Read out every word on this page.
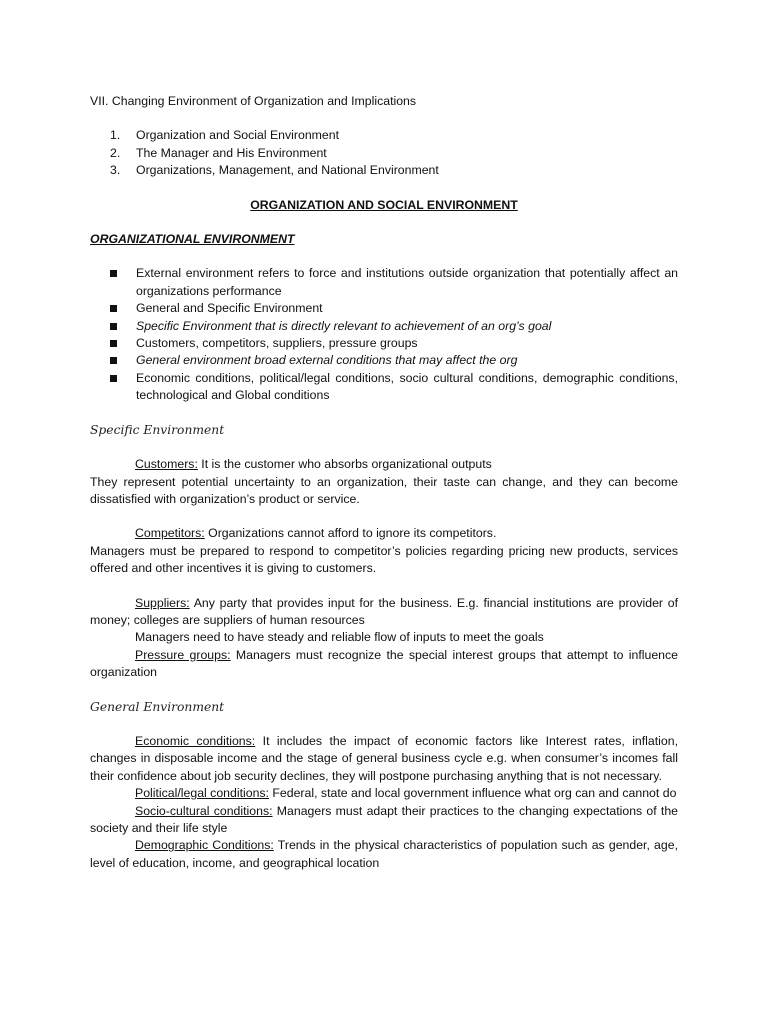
VII. Changing Environment of Organization and Implications
1.	Organization and Social Environment
2.	The Manager and His Environment
3.	Organizations, Management, and National Environment
ORGANIZATION AND SOCIAL ENVIRONMENT
ORGANIZATIONAL ENVIRONMENT
External environment refers to force and institutions outside organization that potentially affect an organizations performance
General and Specific Environment
Specific Environment that is directly relevant to achievement of an org’s goal
Customers, competitors, suppliers, pressure groups
General environment broad external conditions that may affect the org
Economic conditions, political/legal conditions, socio cultural conditions, demographic conditions, technological and Global conditions
Specific Environment
Customers: It is the customer who absorbs organizational outputs
They represent potential uncertainty to an organization, their taste can change, and they can become dissatisfied with organization’s product or service.
Competitors: Organizations cannot afford to ignore its competitors.
Managers must be prepared to respond to competitor’s policies regarding pricing new products, services offered and other incentives it is giving to customers.
Suppliers: Any party that provides input for the business. E.g. financial institutions are provider of money; colleges are suppliers of human resources
Managers need to have steady and reliable flow of inputs to meet the goals
Pressure groups: Managers must recognize the special interest groups that attempt to influence organization
General Environment
Economic conditions: It includes the impact of economic factors like Interest rates, inflation, changes in disposable income and the stage of general business cycle e.g. when consumer’s incomes fall their confidence about job security declines, they will postpone purchasing anything that is not necessary.
Political/legal conditions: Federal, state and local government influence what org can and cannot do
Socio-cultural conditions: Managers must adapt their practices to the changing expectations of the society and their life style
Demographic Conditions: Trends in the physical characteristics of population such as gender, age, level of education, income, and geographical location
